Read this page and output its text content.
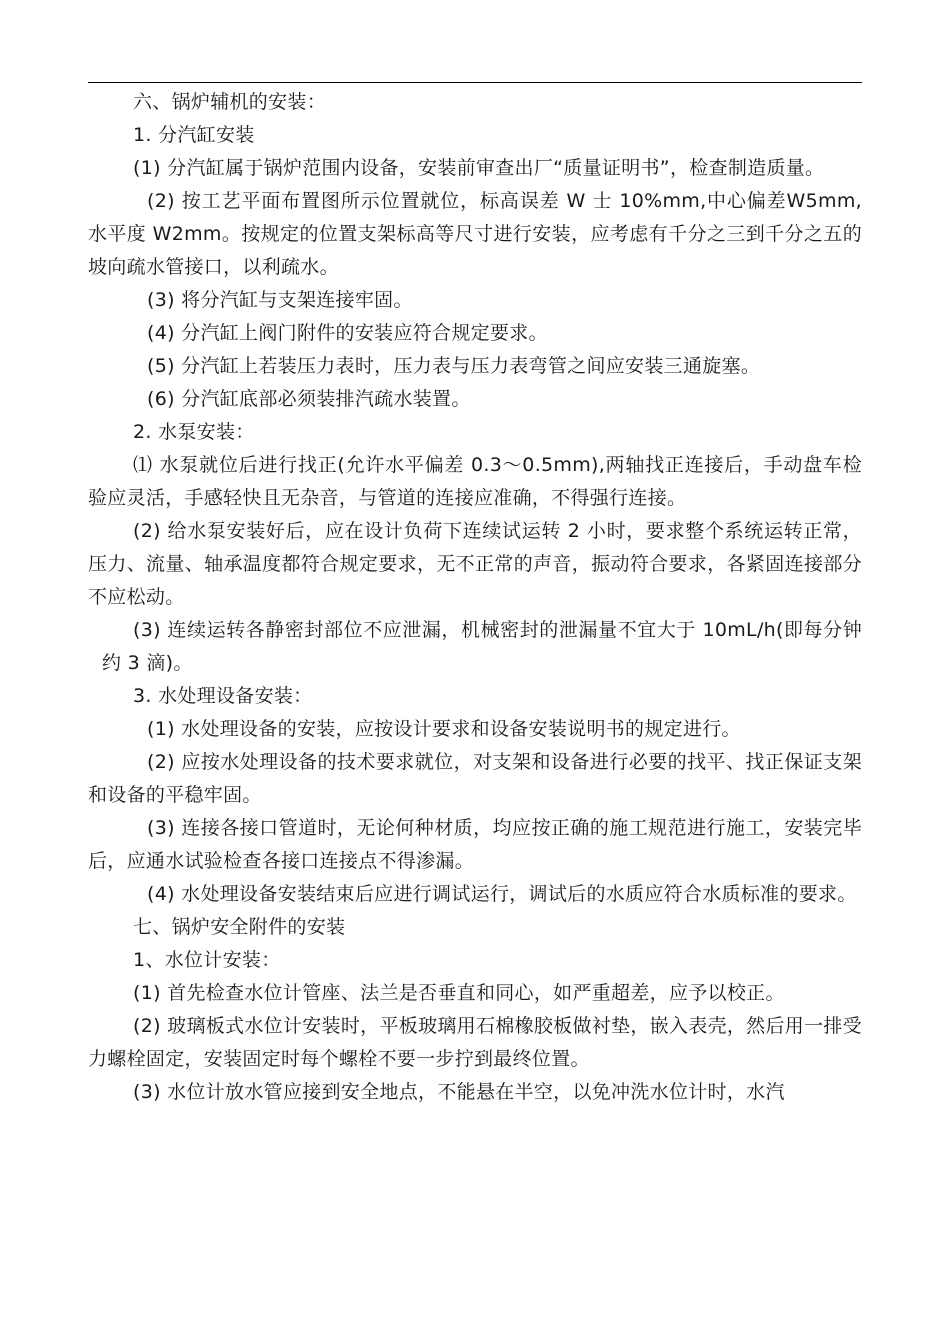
六、锅炉辅机的安装：

1. 分汽缸安装

(1) 分汽缸属于锅炉范围内设备，安装前审查出厂“质量证明书”，检查制造质量。

(2) 按工艺平面布置图所示位置就位，标高误差 W 士 10%mm,中心偏差W5mm,水平度 W2mm。按规定的位置支架标高等尺寸进行安装，应考虑有千分之三到千分之五的坡向疏水管接口，以利疏水。

(3) 将分汽缸与支架连接牢固。

(4) 分汽缸上阀门附件的安装应符合规定要求。

(5) 分汽缸上若装压力表时，压力表与压力表弯管之间应安装三通旋塞。

(6) 分汽缸底部必须装排汽疏水装置。

2. 水泵安装：

⑴ 水泵就位后进行找正(允许水平偏差 0.3〜0.5mm),两轴找正连接后，手动盘车检验应灵活，手感轻快且无杂音，与管道的连接应准确，不得强行连接。

(2) 给水泵安装好后，应在设计负荷下连续试运转 2 小时，要求整个系统运转正常，压力、流量、轴承温度都符合规定要求，无不正常的声音，振动符合要求，各紧固连接部分不应松动。

(3) 连续运转各静密封部位不应泄漏，机械密封的泄漏量不宜大于 10mL/h(即每分钟约 3 滴)。

3. 水处理设备安装：

(1) 水处理设备的安装，应按设计要求和设备安装说明书的规定进行。

(2) 应按水处理设备的技术要求就位，对支架和设备进行必要的找平、找正保证支架和设备的平稳牢固。

(3) 连接各接口管道时，无论何种材质，均应按正确的施工规范进行施工，安装完毕后，应通水试验检查各接口连接点不得渗漏。

(4) 水处理设备安装结束后应进行调试运行，调试后的水质应符合水质标准的要求。

七、锅炉安全附件的安装

1、水位计安装：

(1) 首先检查水位计管座、法兰是否垂直和同心，如严重超差，应予以校正。

(2) 玻璃板式水位计安装时，平板玻璃用石棉橡胶板做衬垫，嵌入表壳，然后用一排受力螺栓固定，安装固定时每个螺栓不要一步拧到最终位置。

(3) 水位计放水管应接到安全地点，不能悬在半空，以免冲洗水位计时，水汽
